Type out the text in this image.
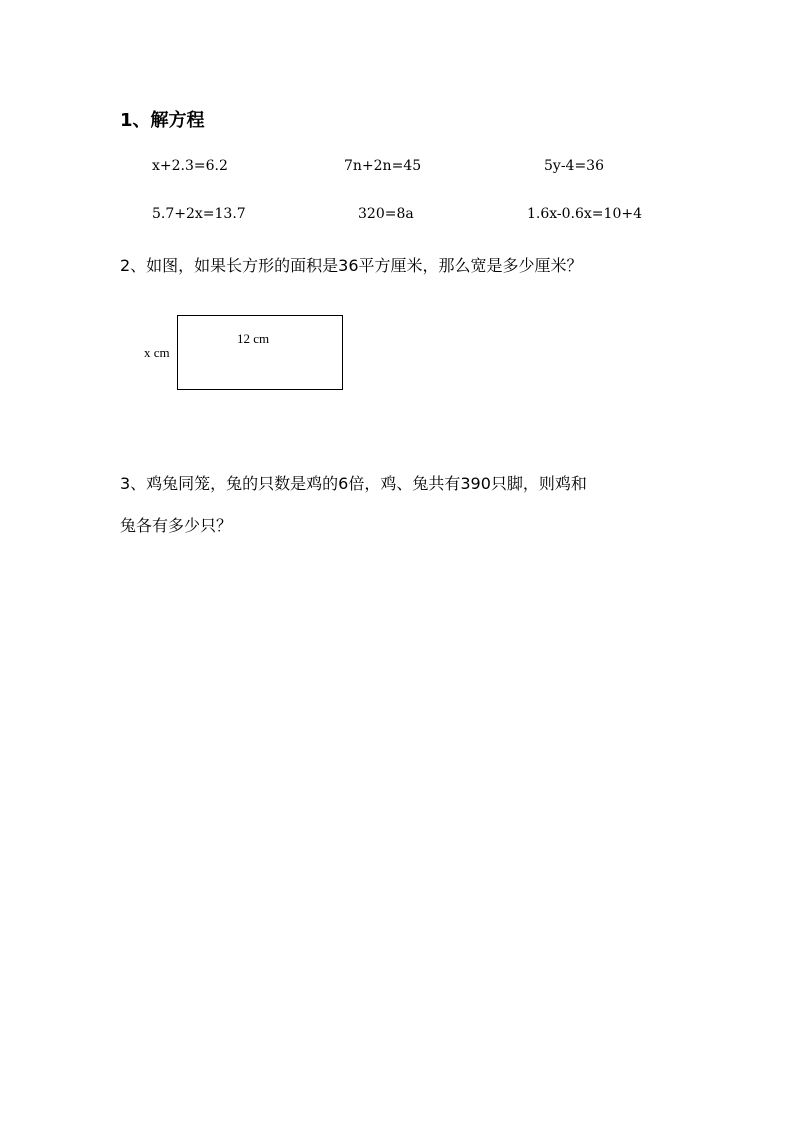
1、解方程
x+2.3=6.2	7n+2n=45	5y-4=36
5.7+2x=13.7	320=8a	1.6x-0.6x=10+4
2、如图，如果长方形的面积是36平方厘米，那么宽是多少厘米？
12 cm
x cm
3、鸡兔同笼，兔的只数是鸡的6倍，鸡、兔共有390只脚，则鸡和
兔各有多少只？
